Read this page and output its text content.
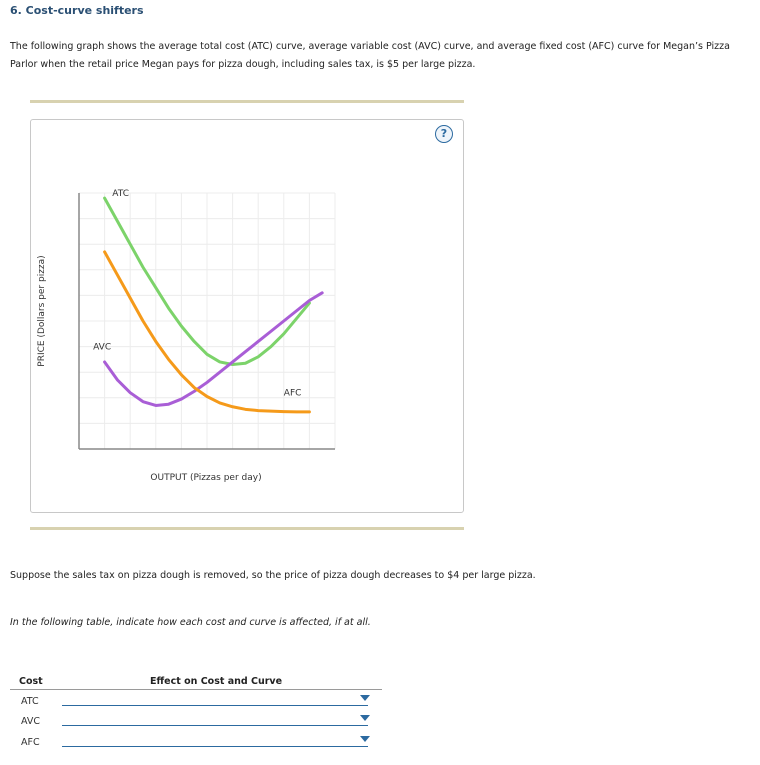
6. Cost-curve shifters
The following graph shows the average total cost (ATC) curve, average variable cost (AVC) curve, and average fixed cost (AFC) curve for Megan’s Pizza Parlor when the retail price Megan pays for pizza dough, including sales tax, is $5 per large pizza.
?
PRICE (Dollars per pizza)
ATC
AVC
AFC
OUTPUT (Pizzas per day)
Suppose the sales tax on pizza dough is removed, so the price of pizza dough decreases to $4 per large pizza.
In the following table, indicate how each cost and curve is affected, if at all.
Cost	Effect on Cost and Curve
ATC
AVC
AFC
